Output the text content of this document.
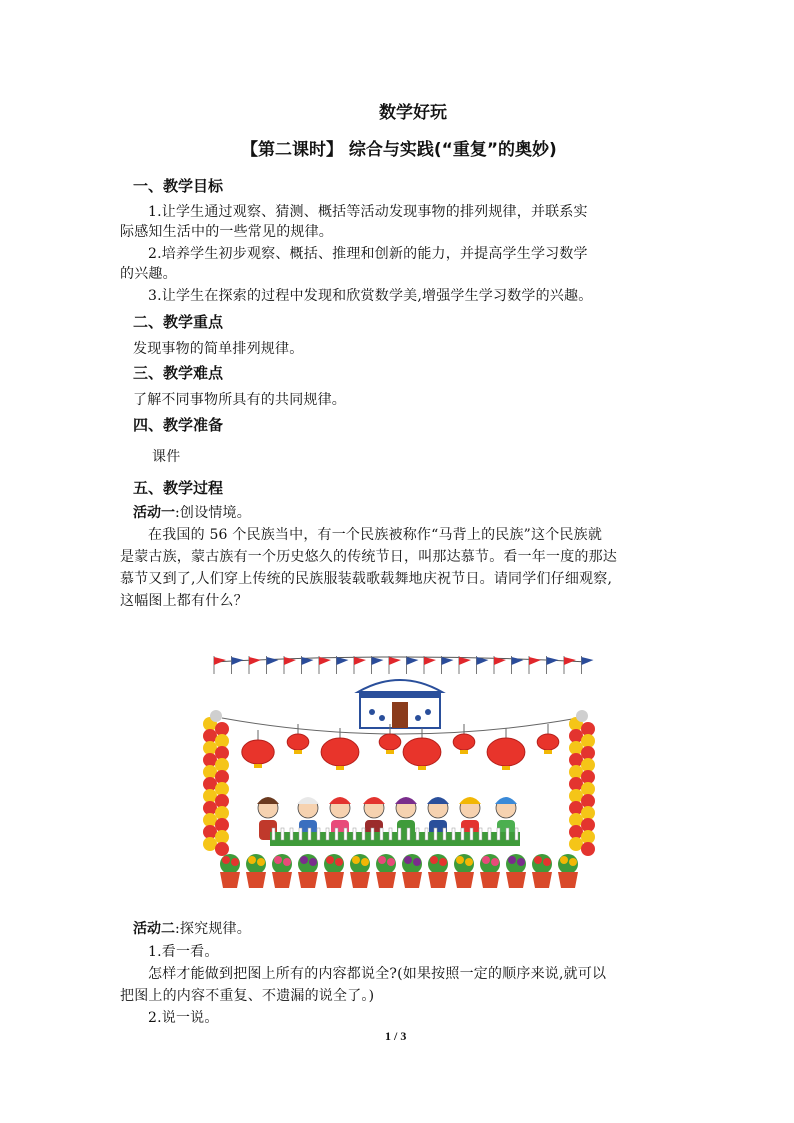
数学好玩
【第二课时】 综合与实践(“重复”的奥妙)
一、教学目标
1.让学生通过观察、猜测、概括等活动发现事物的排列规律，并联系实
际感知生活中的一些常见的规律。
2.培养学生初步观察、概括、推理和创新的能力，并提高学生学习数学
的兴趣。
3.让学生在探索的过程中发现和欣赏数学美,增强学生学习数学的兴趣。
二、教学重点
发现事物的简单排列规律。
三、教学难点
了解不同事物所具有的共同规律。
四、教学准备
课件
五、教学过程
活动一:创设情境。
在我国的 56 个民族当中，有一个民族被称作“马背上的民族”这个民族就
是蒙古族，蒙古族有一个历史悠久的传统节日，叫那达慕节。看一年一度的那达
慕节又到了,人们穿上传统的民族服装载歌载舞地庆祝节日。请同学们仔细观察,
这幅图上都有什么？
活动二:探究规律。
1.看一看。
怎样才能做到把图上所有的内容都说全?(如果按照一定的顺序来说,就可以
把图上的内容不重复、不遗漏的说全了。)
2.说一说。
1 / 3
